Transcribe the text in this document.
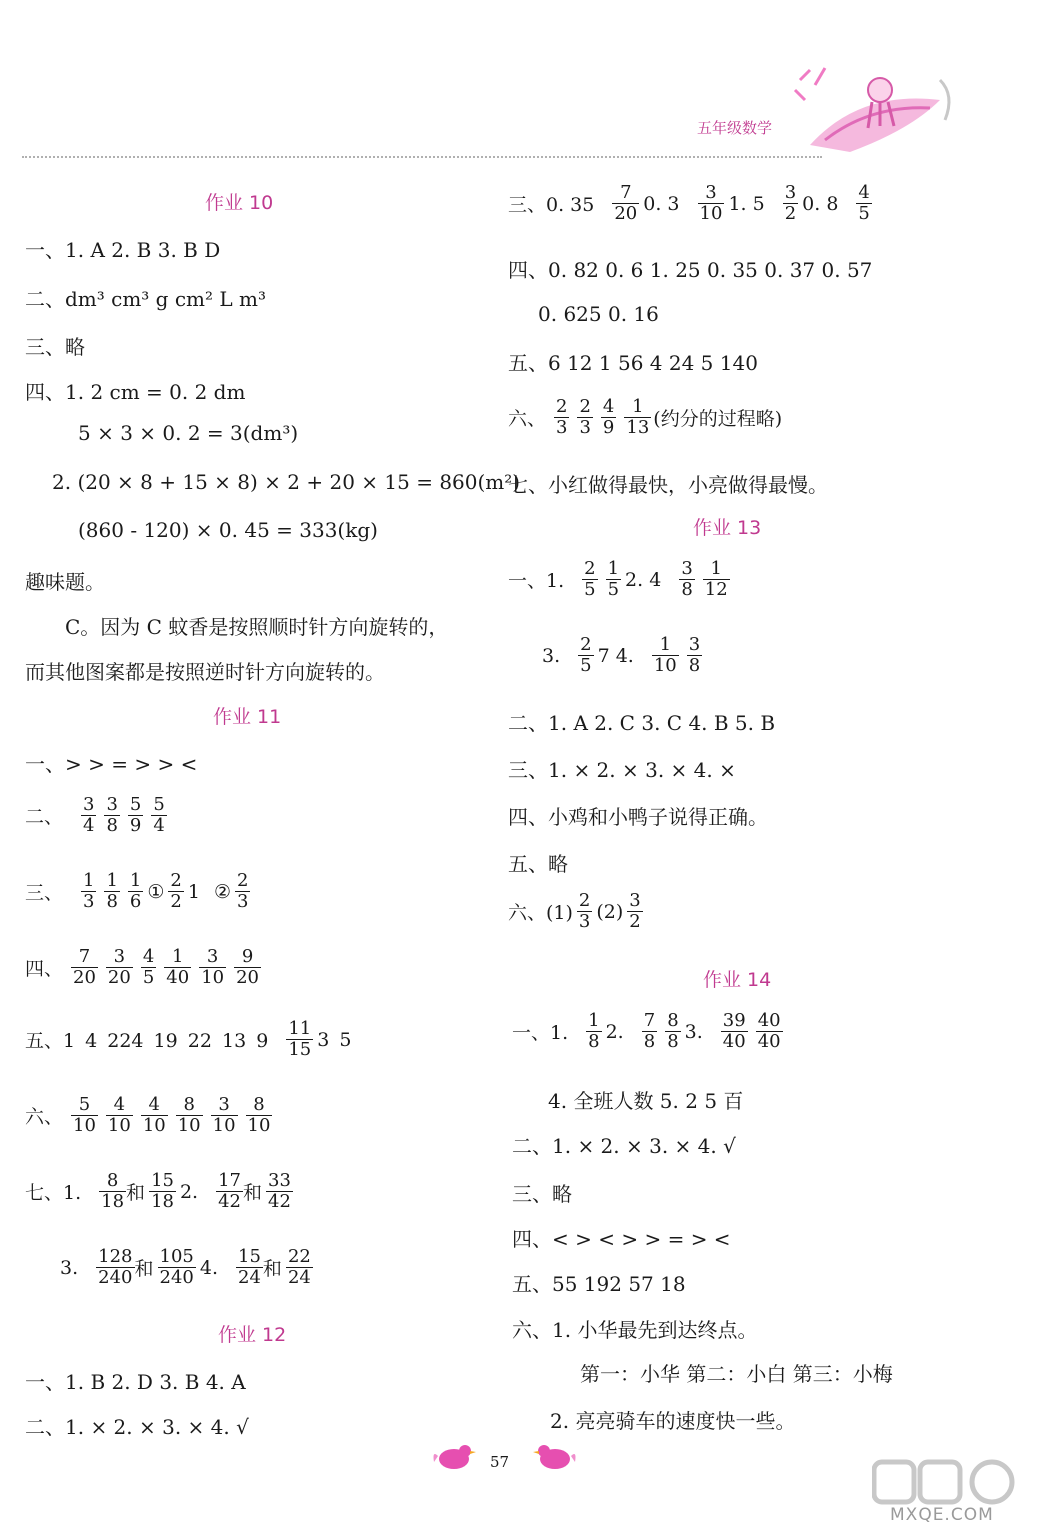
五年级数学
作业 10
一、1. A 2. B 3. B D
二、dm³ cm³ g cm² L m³
三、略
四、1. 2 cm = 0. 2 dm
5 × 3 × 0. 2 = 3(dm³)
2. (20 × 8 + 15 × 8) × 2 + 20 × 15 = 860(m²)
(860 - 120) × 0. 45 = 333(kg)
趣味题。
C。因为 C 蚊香是按照顺时针方向旋转的，
而其他图案都是按照逆时针方向旋转的。
作业 11
一、> > = > > <
二、 $\frac{3}{4} \frac{3}{8} \frac{5}{9} \frac{5}{4}$
三、 $\frac{1}{3} \frac{1}{8} \frac{1}{6}$ ① $\frac{2}{2} 1$ ② $\frac{2}{3}$
四、 $\frac{7}{20} \frac{3}{20} \frac{4}{5} \frac{1}{40} \frac{3}{10} \frac{9}{20}$
五、1 4 224 19 22 13 $9 \frac{11}{15} 3$ 5
六、 $\frac{5}{10} \frac{4}{10} \frac{4}{10} \frac{8}{10} \frac{3}{10} \frac{8}{10}$
七、1. $\frac{8}{18}$ 和 $\frac{15}{18} 2$. $\frac{17}{42}$ 和 $\frac{33}{42}$
3. $\frac{128}{240}$ 和 $\frac{105}{240} 4$. $\frac{15}{24}$ 和 $\frac{22}{24}$
作业 12
一、1. B 2. D 3. B 4. A
二、1. × 2. × 3. × 4. √
三、0. $35 \frac{7}{20} 0$. $3 \frac{3}{10} 1$. $5 \frac{3}{2} 0$. $8 \frac{4}{5}$
四、0. 82 0. 6 1. 25 0. 35 0. 37 0. 57
0. 625 0. 16
五、6 12 1 56 4 24 5 140
六、 $\frac{2}{3} \frac{2}{3} \frac{4}{9} \frac{1}{13}$ (约分的过程略)
七、小红做得最快，小亮做得最慢。
作业 13
一、1. $\frac{2}{5} \frac{1}{5} 2$. $4 \frac{3}{8} \frac{1}{12}$
3. $\frac{2}{5} 7$ 4. $\frac{1}{10} \frac{3}{8}$
二、1. A 2. C 3. C 4. B 5. B
三、1. × 2. × 3. × 4. ×
四、小鸡和小鸭子说得正确。
五、略
六、$(1) \frac{2}{3} (2) \frac{3}{2}$
作业 14
一、1. $\frac{1}{8} 2$. $\frac{7}{8} \frac{8}{8} 3$. $\frac{39}{40} \frac{40}{40}$
4. 全班人数 5. 2 5 百
二、1. × 2. × 3. × 4. √
三、略
四、< > < > > = > <
五、55 192 57 18
六、1. 小华最先到达终点。
第一：小华 第二：小白 第三：小梅
2. 亮亮骑车的速度快一些。
57
MXQE.COM
